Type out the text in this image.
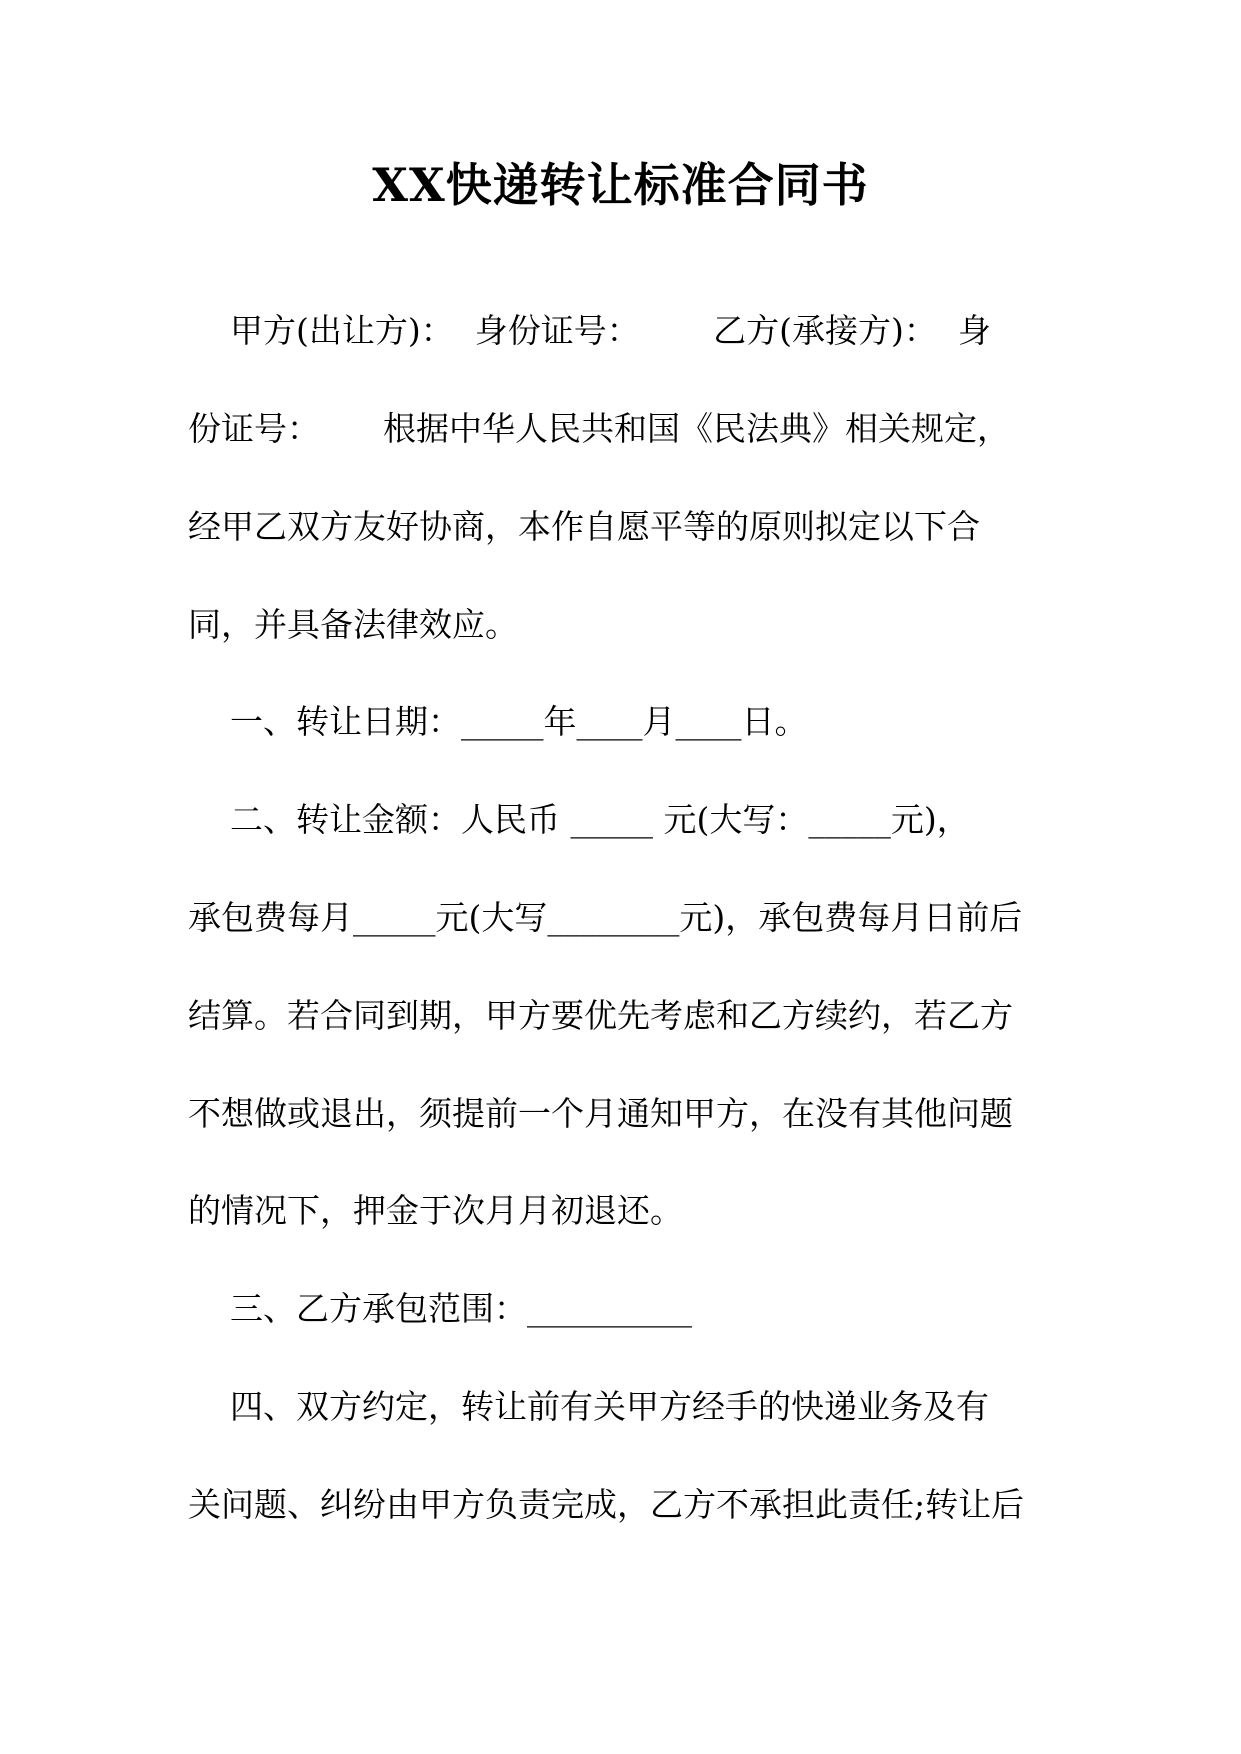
XX快递转让标准合同书

甲方(出让方)：  身份证号：       乙方(承接方)：  身

份证号：      根据中华人民共和国《民法典》相关规定，

经甲乙双方友好协商，本作自愿平等的原则拟定以下合

同，并具备法律效应。

一、转让日期：_____年____月____日。

二、转让金额：人民币 _____ 元(大写：_____元)，

承包费每月_____元(大写________元)，承包费每月日前后

结算。若合同到期，甲方要优先考虑和乙方续约，若乙方

不想做或退出，须提前一个月通知甲方，在没有其他问题

的情况下，押金于次月月初退还。

三、乙方承包范围：__________

四、双方约定，转让前有关甲方经手的快递业务及有

关问题、纠纷由甲方负责完成，乙方不承担此责任;转让后
